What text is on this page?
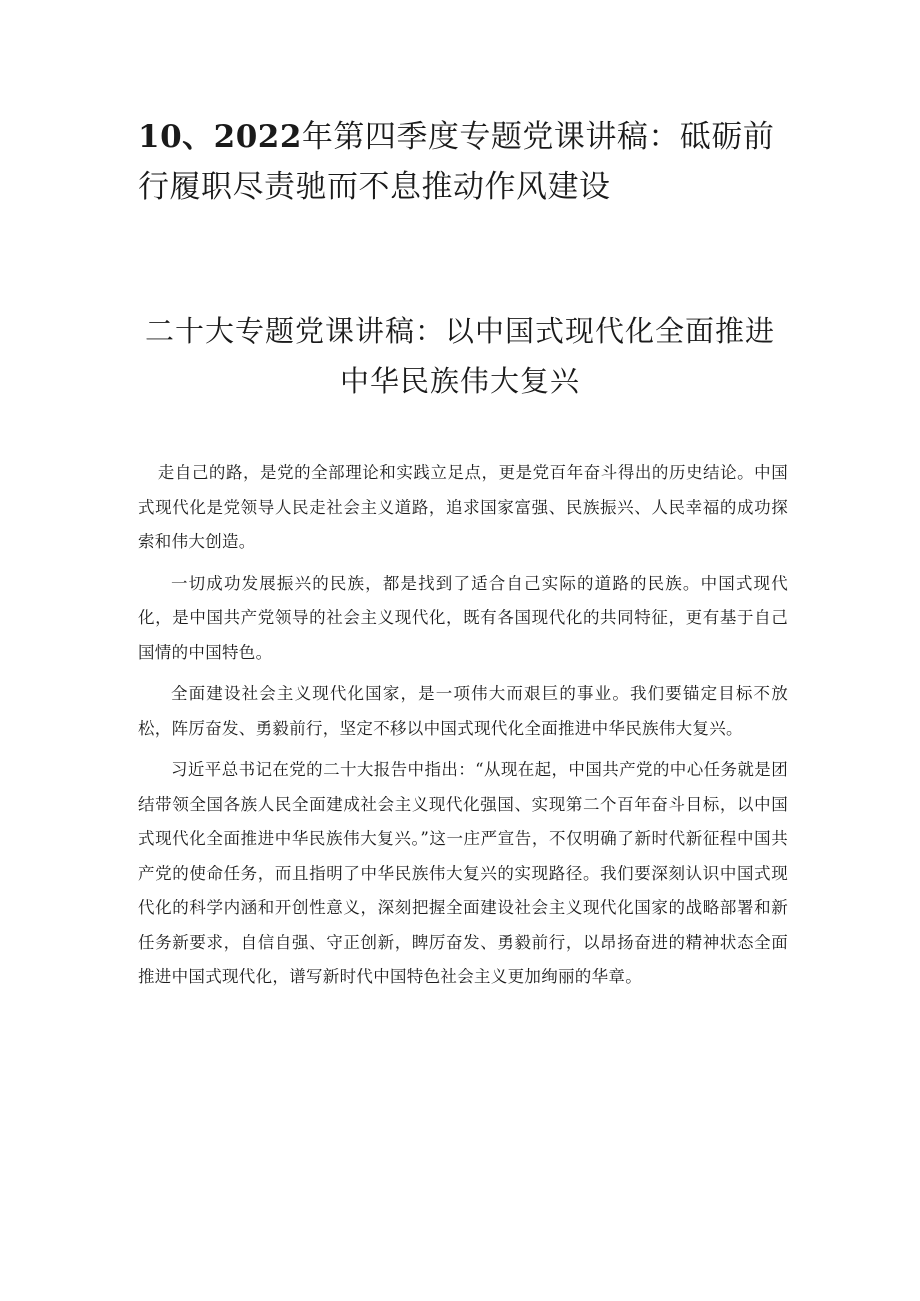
10、2022年第四季度专题党课讲稿：砥砺前行履职尽责驰而不息推动作风建设
二十大专题党课讲稿：以中国式现代化全面推进中华民族伟大复兴

走自己的路，是党的全部理论和实践立足点，更是党百年奋斗得出的历史结论。中国式现代化是党领导人民走社会主义道路，追求国家富强、民族振兴、人民幸福的成功探索和伟大创造。

一切成功发展振兴的民族，都是找到了适合自己实际的道路的民族。中国式现代化，是中国共产党领导的社会主义现代化，既有各国现代化的共同特征，更有基于自己国情的中国特色。

全面建设社会主义现代化国家，是一项伟大而艰巨的事业。我们要锚定目标不放松，阵厉奋发、勇毅前行，坚定不移以中国式现代化全面推进中华民族伟大复兴。

习近平总书记在党的二十大报告中指出：“从现在起，中国共产党的中心任务就是团结带领全国各族人民全面建成社会主义现代化强国、实现第二个百年奋斗目标，以中国式现代化全面推进中华民族伟大复兴。”这一庄严宣告，不仅明确了新时代新征程中国共产党的使命任务，而且指明了中华民族伟大复兴的实现路径。我们要深刻认识中国式现代化的科学内涵和开创性意义，深刻把握全面建设社会主义现代化国家的战略部署和新任务新要求，自信自强、守正创新，睥厉奋发、勇毅前行，以昂扬奋进的精神状态全面推进中国式现代化，谱写新时代中国特色社会主义更加绚丽的华章。
